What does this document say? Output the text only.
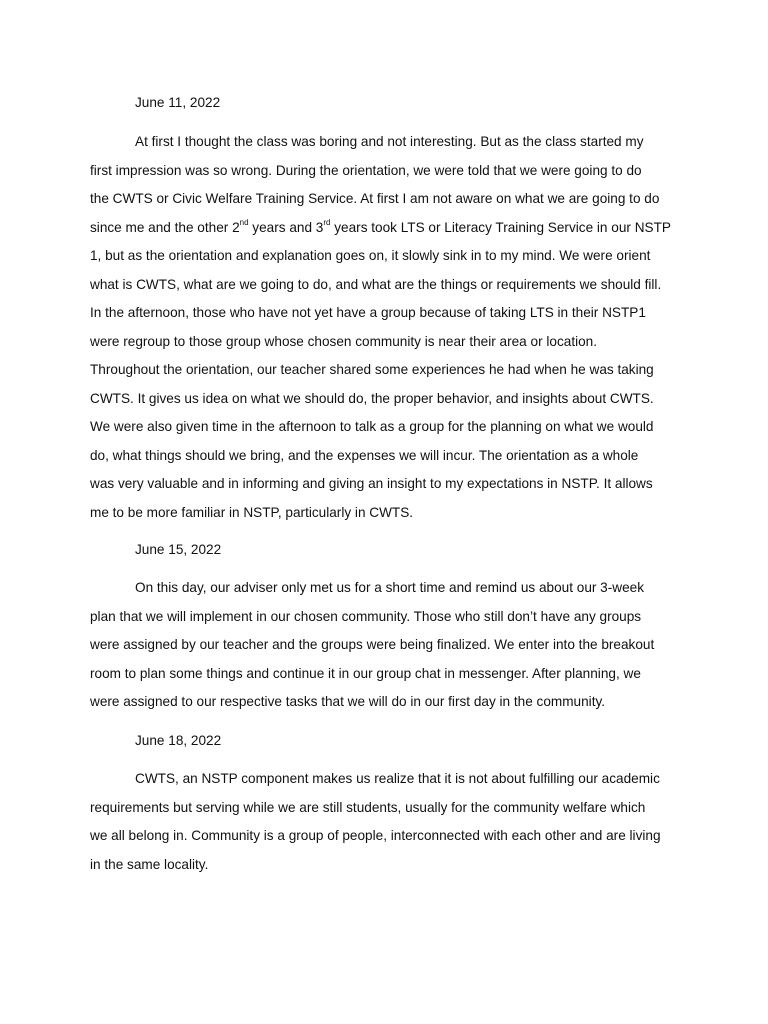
June 11, 2022

At first I thought the class was boring and not interesting. But as the class started my
first impression was so wrong. During the orientation, we were told that we were going to do
the CWTS or Civic Welfare Training Service. At first I am not aware on what we are going to do
since me and the other 2nd years and 3rd years took LTS or Literacy Training Service in our NSTP
1, but as the orientation and explanation goes on, it slowly sink in to my mind. We were orient
what is CWTS, what are we going to do, and what are the things or requirements we should fill.
In the afternoon, those who have not yet have a group because of taking LTS in their NSTP1
were regroup to those group whose chosen community is near their area or location.
Throughout the orientation, our teacher shared some experiences he had when he was taking
CWTS. It gives us idea on what we should do, the proper behavior, and insights about CWTS.
We were also given time in the afternoon to talk as a group for the planning on what we would
do, what things should we bring, and the expenses we will incur. The orientation as a whole
was very valuable and in informing and giving an insight to my expectations in NSTP. It allows
me to be more familiar in NSTP, particularly in CWTS.

June 15, 2022

On this day, our adviser only met us for a short time and remind us about our 3-week
plan that we will implement in our chosen community. Those who still don’t have any groups
were assigned by our teacher and the groups were being finalized. We enter into the breakout
room to plan some things and continue it in our group chat in messenger. After planning, we
were assigned to our respective tasks that we will do in our first day in the community.

June 18, 2022

CWTS, an NSTP component makes us realize that it is not about fulfilling our academic
requirements but serving while we are still students, usually for the community welfare which
we all belong in. Community is a group of people, interconnected with each other and are living
in the same locality.
